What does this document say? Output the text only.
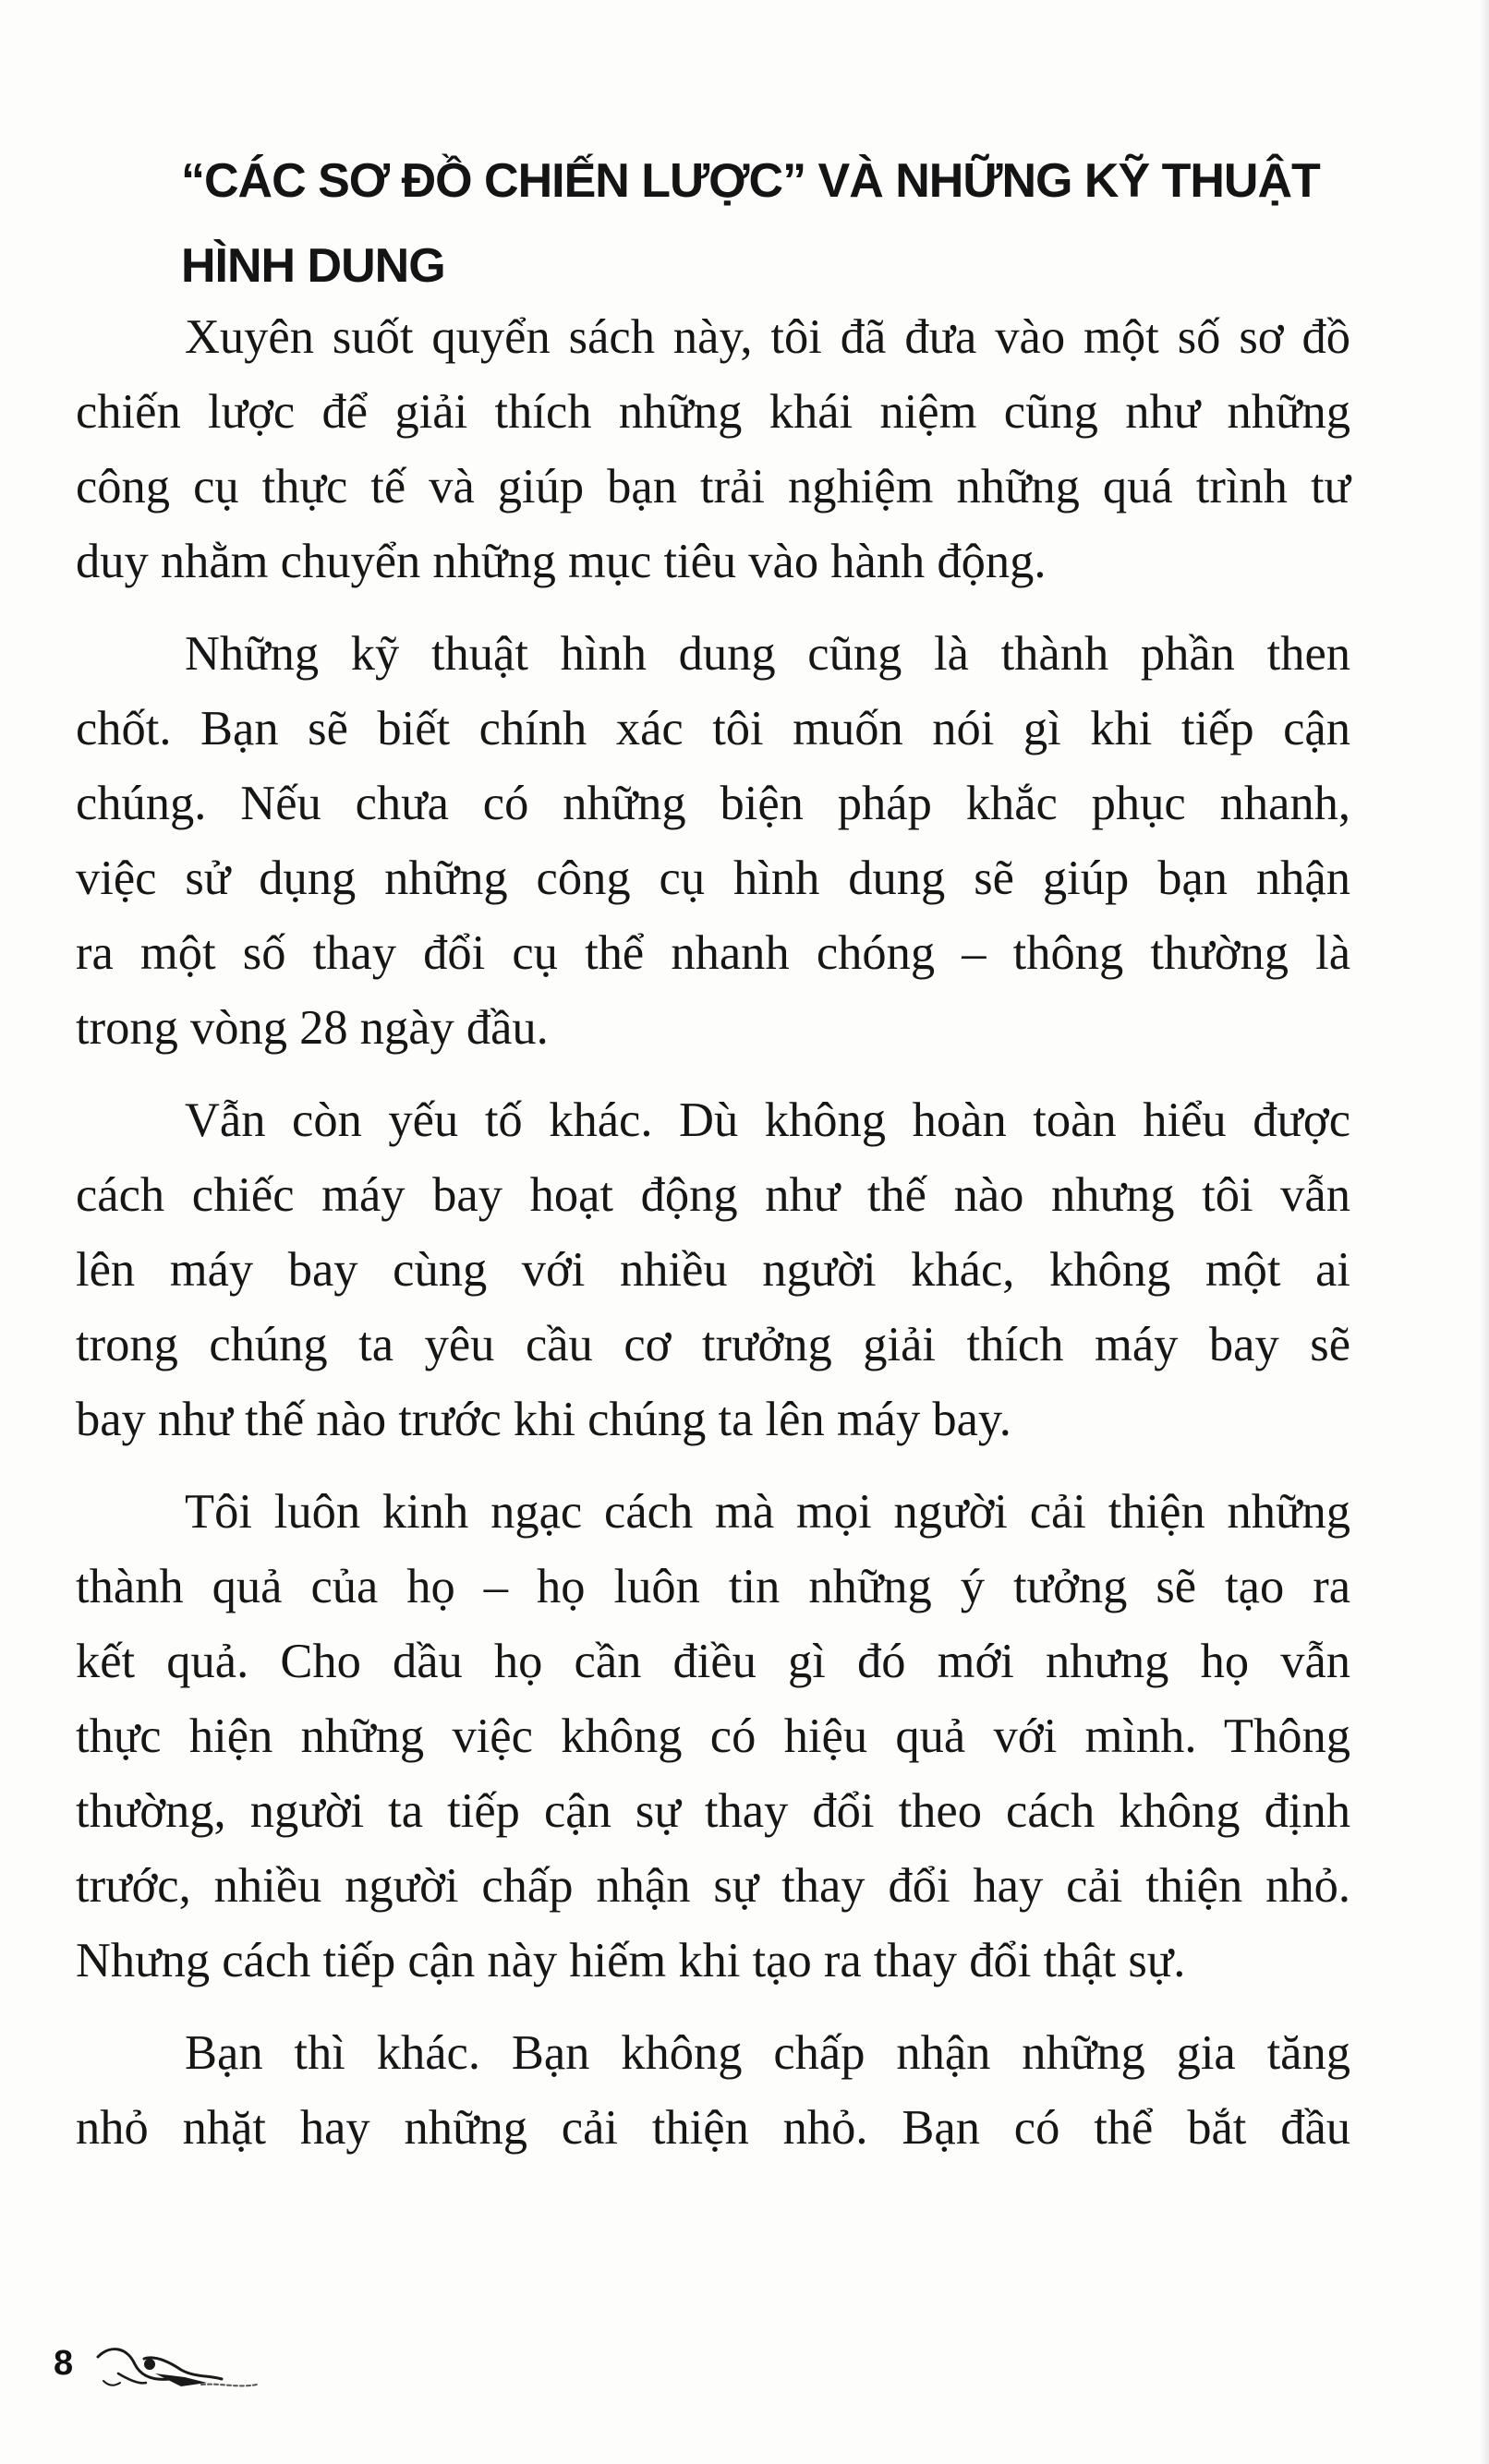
“CÁC SƠ ĐỒ CHIẾN LƯỢC” VÀ NHỮNG KỸ THUẬT
HÌNH DUNG

Xuyên suốt quyển sách này, tôi đã đưa vào một số sơ đồ
chiến lược để giải thích những khái niệm cũng như những
công cụ thực tế và giúp bạn trải nghiệm những quá trình tư
duy nhằm chuyển những mục tiêu vào hành động.

Những kỹ thuật hình dung cũng là thành phần then
chốt. Bạn sẽ biết chính xác tôi muốn nói gì khi tiếp cận
chúng. Nếu chưa có những biện pháp khắc phục nhanh,
việc sử dụng những công cụ hình dung sẽ giúp bạn nhận
ra một số thay đổi cụ thể nhanh chóng – thông thường là
trong vòng 28 ngày đầu.

Vẫn còn yếu tố khác. Dù không hoàn toàn hiểu được
cách chiếc máy bay hoạt động như thế nào nhưng tôi vẫn
lên máy bay cùng với nhiều người khác, không một ai
trong chúng ta yêu cầu cơ trưởng giải thích máy bay sẽ
bay như thế nào trước khi chúng ta lên máy bay.

Tôi luôn kinh ngạc cách mà mọi người cải thiện những
thành quả của họ – họ luôn tin những ý tưởng sẽ tạo ra
kết quả. Cho dầu họ cần điều gì đó mới nhưng họ vẫn
thực hiện những việc không có hiệu quả với mình. Thông
thường, người ta tiếp cận sự thay đổi theo cách không định
trước, nhiều người chấp nhận sự thay đổi hay cải thiện nhỏ.
Nhưng cách tiếp cận này hiếm khi tạo ra thay đổi thật sự.

Bạn thì khác. Bạn không chấp nhận những gia tăng
nhỏ nhặt hay những cải thiện nhỏ. Bạn có thể bắt đầu

8
